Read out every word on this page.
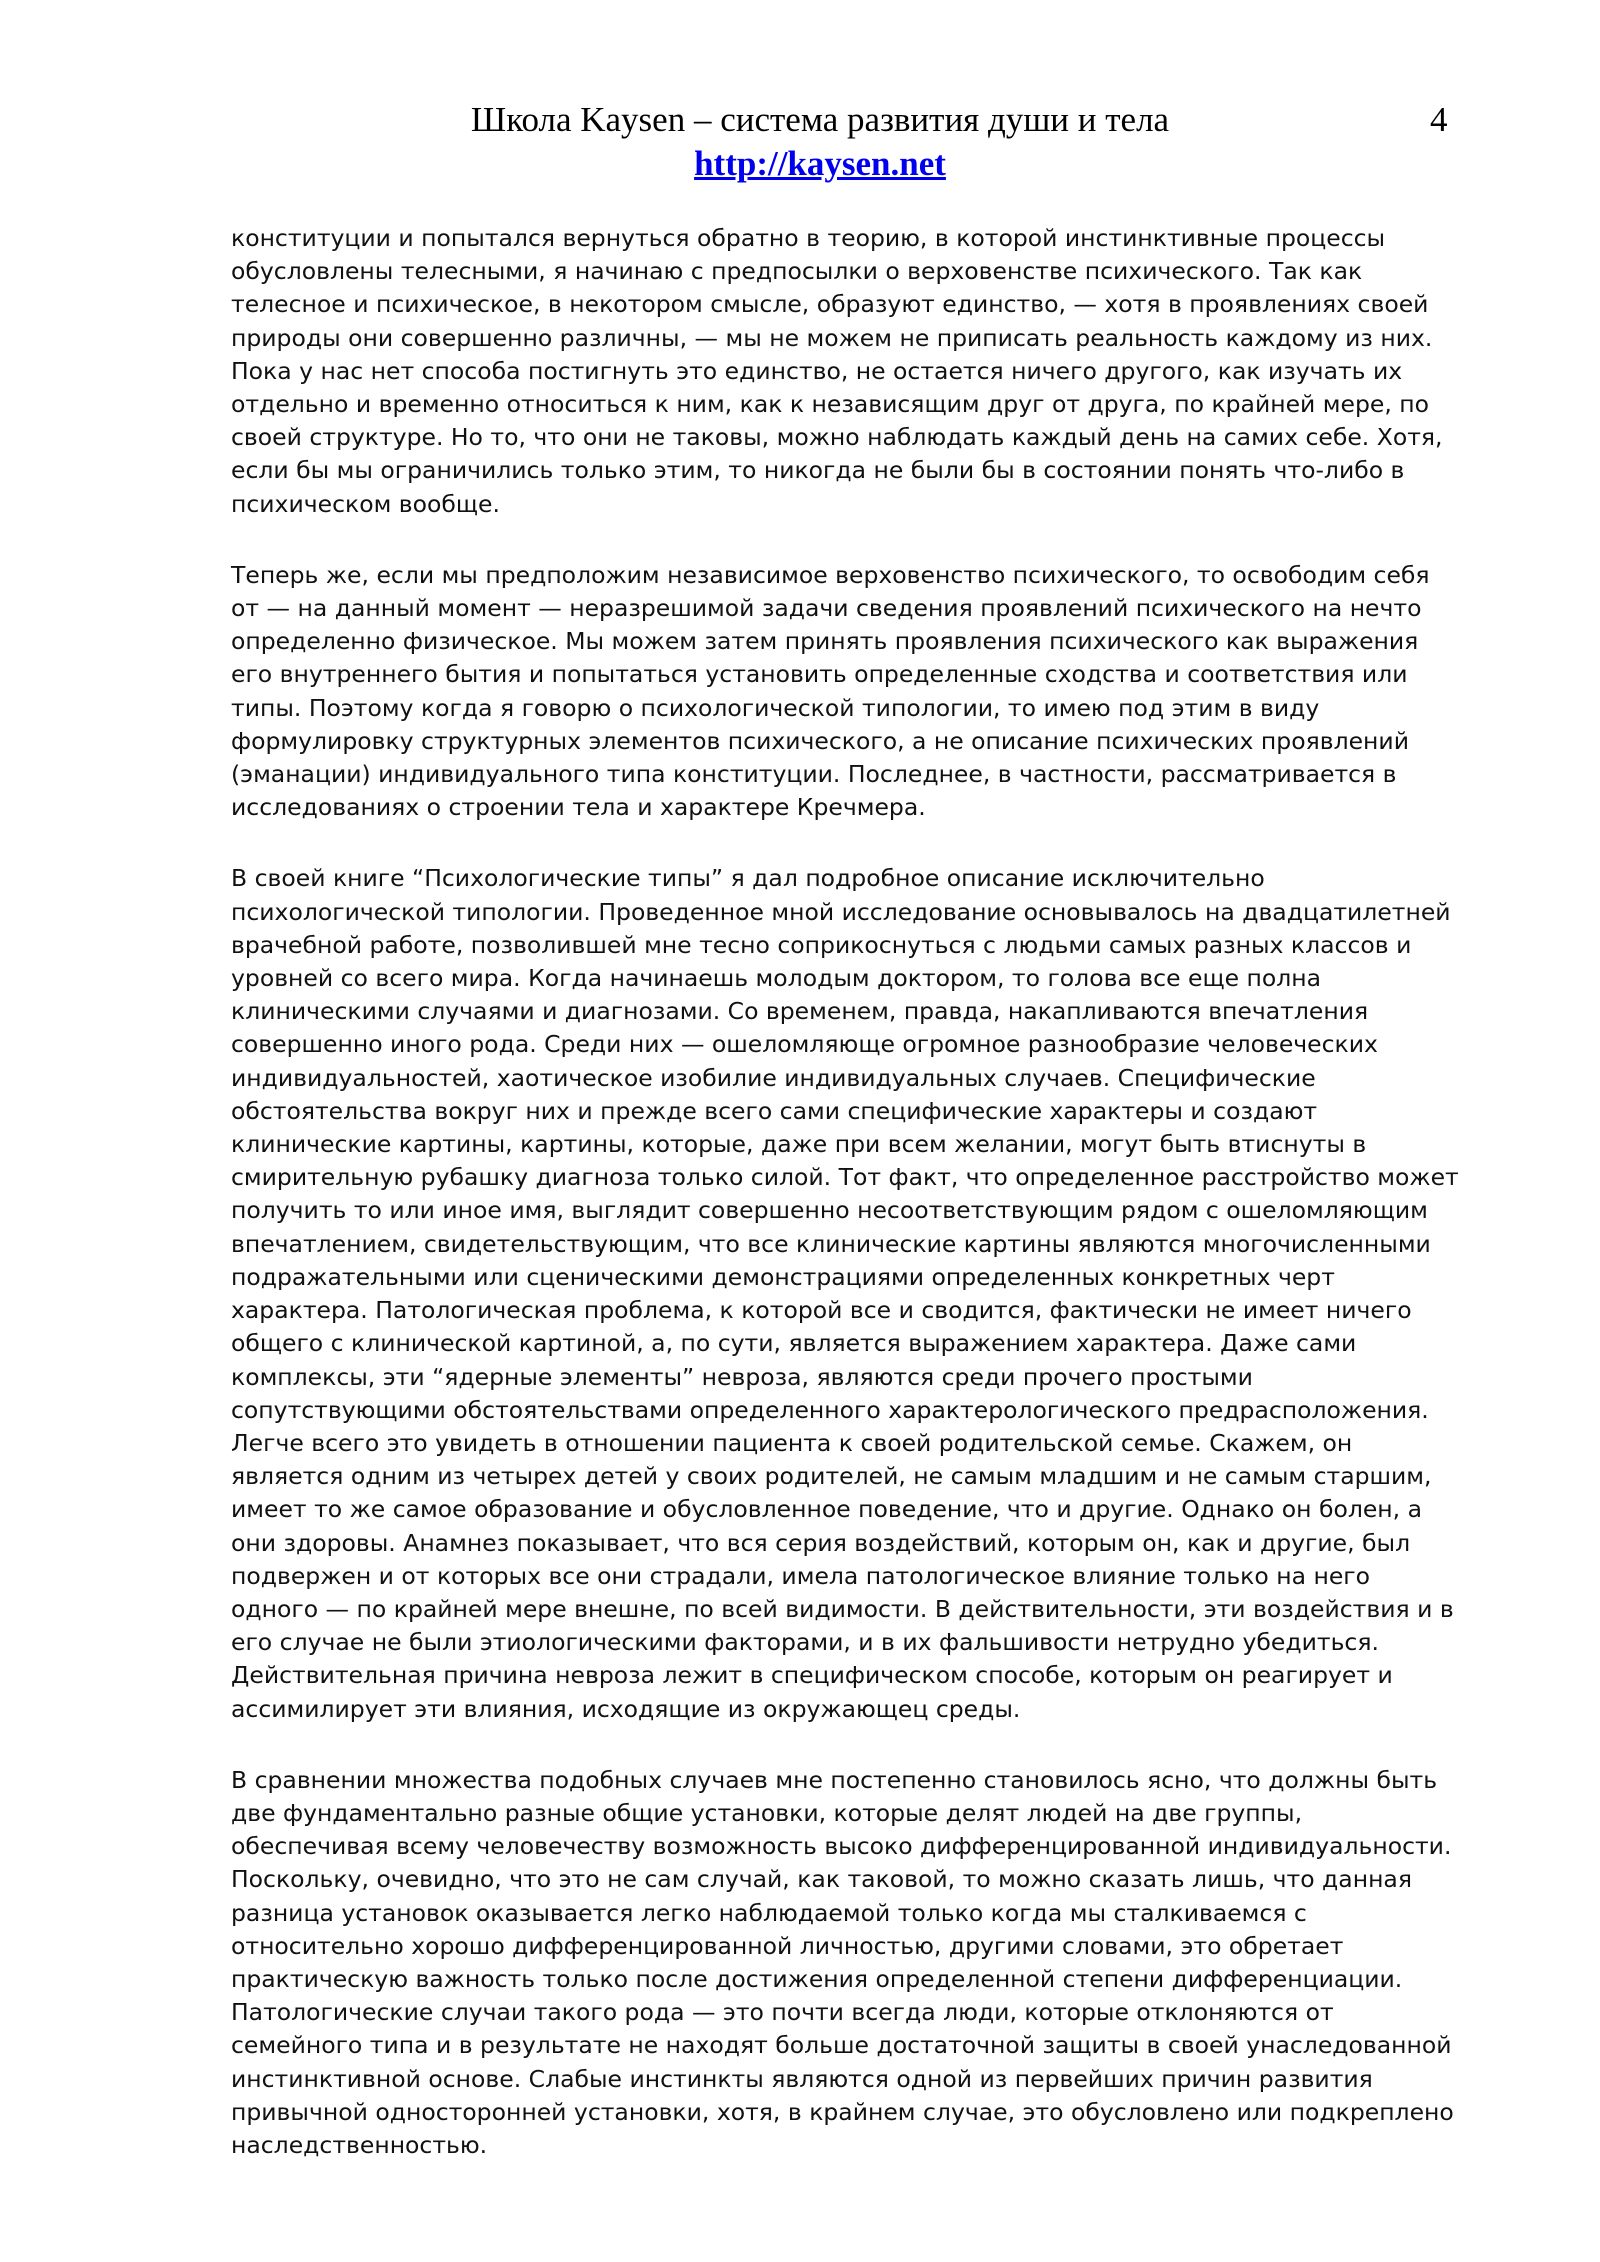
Школа Kaysen – система развития души и тела
http://kaysen.net
4

конституции и попытался вернуться обратно в теорию, в которой инстинктивные процессы обусловлены телесными, я начинаю с предпосылки о верховенстве психического. Так как телесное и психическое, в некотором смысле, образуют единство, — хотя в проявлениях своей природы они совершенно различны, — мы не можем не приписать реальность каждому из них. Пока у нас нет способа постигнуть это единство, не остается ничего другого, как изучать их отдельно и временно относиться к ним, как к независящим друг от друга, по крайней мере, по своей структуре. Но то, что они не таковы, можно наблюдать каждый день на самих себе. Хотя, если бы мы ограничились только этим, то никогда не были бы в состоянии понять что-либо в психическом вообще.

Теперь же, если мы предположим независимое верховенство психического, то освободим себя от — на данный момент — неразрешимой задачи сведения проявлений психического на нечто определенно физическое. Мы можем затем принять проявления психического как выражения его внутреннего бытия и попытаться установить определенные сходства и соответствия или типы. Поэтому когда я говорю о психологической типологии, то имею под этим в виду формулировку структурных элементов психического, а не описание психических проявлений (эманации) индивидуального типа конституции. Последнее, в частности, рассматривается в исследованиях о строении тела и характере Кречмера.

В своей книге “Психологические типы” я дал подробное описание исключительно психологической типологии. Проведенное мной исследование основывалось на двадцатилетней врачебной работе, позволившей мне тесно соприкоснуться с людьми самых разных классов и уровней со всего мира. Когда начинаешь молодым доктором, то голова все еще полна клиническими случаями и диагнозами. Со временем, правда, накапливаются впечатления совершенно иного рода. Среди них — ошеломляюще огромное разнообразие человеческих индивидуальностей, хаотическое изобилие индивидуальных случаев. Специфические обстоятельства вокруг них и прежде всего сами специфические характеры и создают клинические картины, картины, которые, даже при всем желании, могут быть втиснуты в смирительную рубашку диагноза только силой. Тот факт, что определенное расстройство может получить то или иное имя, выглядит совершенно несоответствующим рядом с ошеломляющим впечатлением, свидетельствующим, что все клинические картины являются многочисленными подражательными или сценическими демонстрациями определенных конкретных черт характера. Патологическая проблема, к которой все и сводится, фактически не имеет ничего общего с клинической картиной, а, по сути, является выражением характера. Даже сами комплексы, эти “ядерные элементы” невроза, являются среди прочего простыми сопутствующими обстоятельствами определенного характерологического предрасположения. Легче всего это увидеть в отношении пациента к своей родительской семье. Скажем, он является одним из четырех детей у своих родителей, не самым младшим и не самым старшим, имеет то же самое образование и обусловленное поведение, что и другие. Однако он болен, а они здоровы. Анамнез показывает, что вся серия воздействий, которым он, как и другие, был подвержен и от которых все они страдали, имела патологическое влияние только на него одного — по крайней мере внешне, по всей видимости. В действительности, эти воздействия и в его случае не были этиологическими факторами, и в их фальшивости нетрудно убедиться. Действительная причина невроза лежит в специфическом способе, которым он реагирует и ассимилирует эти влияния, исходящие из окружающец среды.

В сравнении множества подобных случаев мне постепенно становилось ясно, что должны быть две фундаментально разные общие установки, которые делят людей на две группы, обеспечивая всему человечеству возможность высоко дифференцированной индивидуальности. Поскольку, очевидно, что это не сам случай, как таковой, то можно сказать лишь, что данная разница установок оказывается легко наблюдаемой только когда мы сталкиваемся с относительно хорошо дифференцированной личностью, другими словами, это обретает практическую важность только после достижения определенной степени дифференциации. Патологические случаи такого рода — это почти всегда люди, которые отклоняются от семейного типа и в результате не находят больше достаточной защиты в своей унаследованной инстинктивной основе. Слабые инстинкты являются одной из первейших причин развития привычной односторонней установки, хотя, в крайнем случае, это обусловлено или подкреплено наследственностью.
